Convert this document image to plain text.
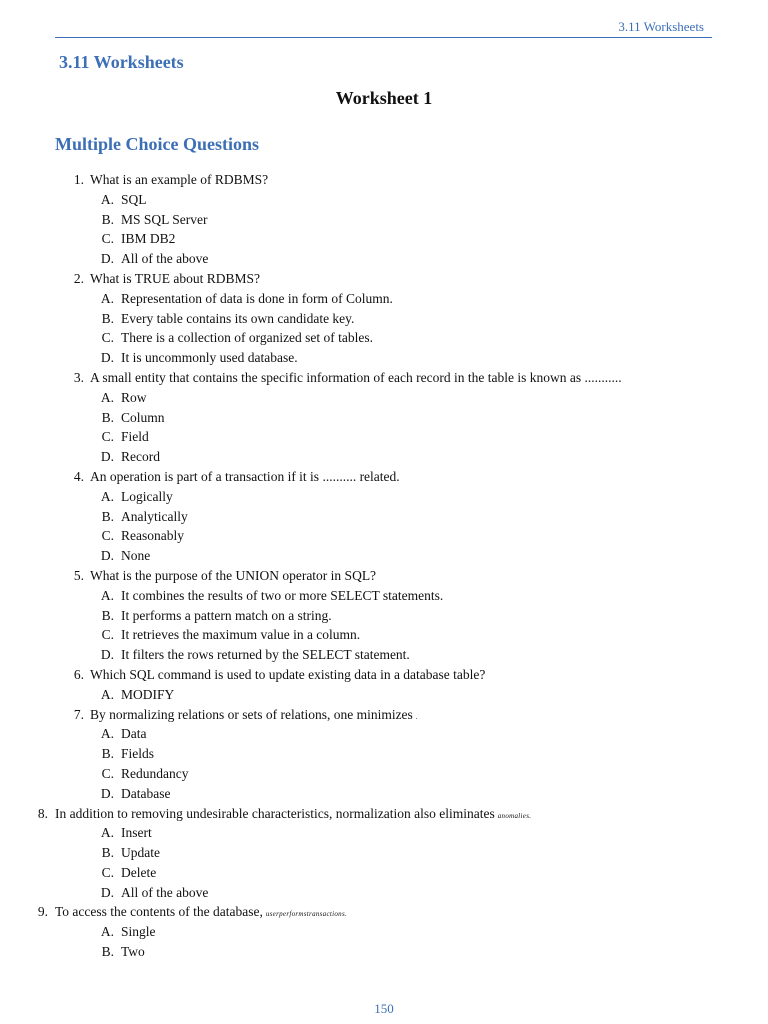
3.11 Worksheets
3.11 Worksheets
Worksheet 1
Multiple Choice Questions
1. What is an example of RDBMS?
A. SQL
B. MS SQL Server
C. IBM DB2
D. All of the above
2. What is TRUE about RDBMS?
A. Representation of data is done in form of Column.
B. Every table contains its own candidate key.
C. There is a collection of organized set of tables.
D. It is uncommonly used database.
3. A small entity that contains the specific information of each record in the table is known as ...........
A. Row
B. Column
C. Field
D. Record
4. An operation is part of a transaction if it is .......... related.
A. Logically
B. Analytically
C. Reasonably
D. None
5. What is the purpose of the UNION operator in SQL?
A. It combines the results of two or more SELECT statements.
B. It performs a pattern match on a string.
C. It retrieves the maximum value in a column.
D. It filters the rows returned by the SELECT statement.
6. Which SQL command is used to update existing data in a database table?
A. MODIFY
7. By normalizing relations or sets of relations, one minimizes .
A. Data
B. Fields
C. Redundancy
D. Database
8. In addition to removing undesirable characteristics, normalization also eliminates anomalies.
A. Insert
B. Update
C. Delete
D. All of the above
9. To access the contents of the database, userperformstransactions.
A. Single
B. Two
150
